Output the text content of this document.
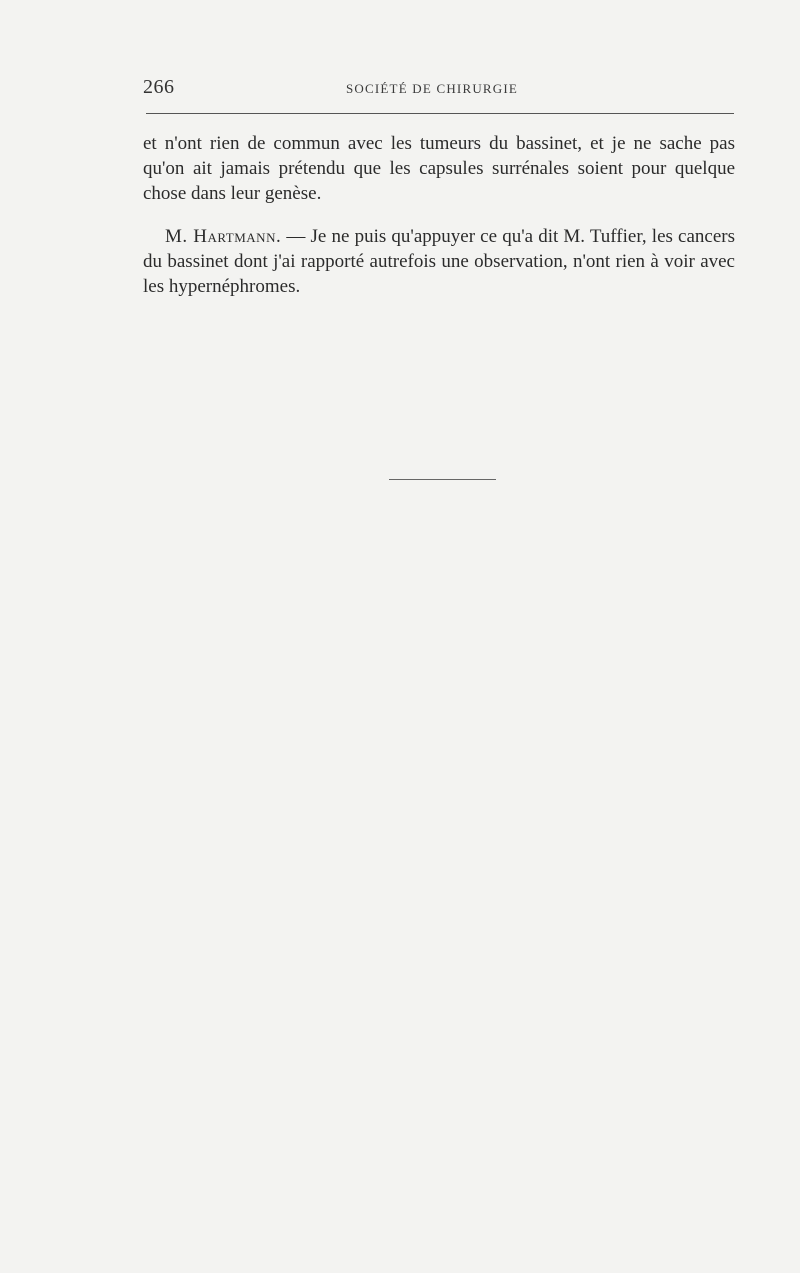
266	SOCIÉTÉ DE CHIRURGIE

et n'ont rien de commun avec les tumeurs du bassinet, et je ne sache pas qu'on ait jamais prétendu que les capsules surrénales soient pour quelque chose dans leur genèse.

M. Hartmann. — Je ne puis qu'appuyer ce qu'a dit M. Tuffier, les cancers du bassinet dont j'ai rapporté autrefois une observation, n'ont rien à voir avec les hypernéphromes.
